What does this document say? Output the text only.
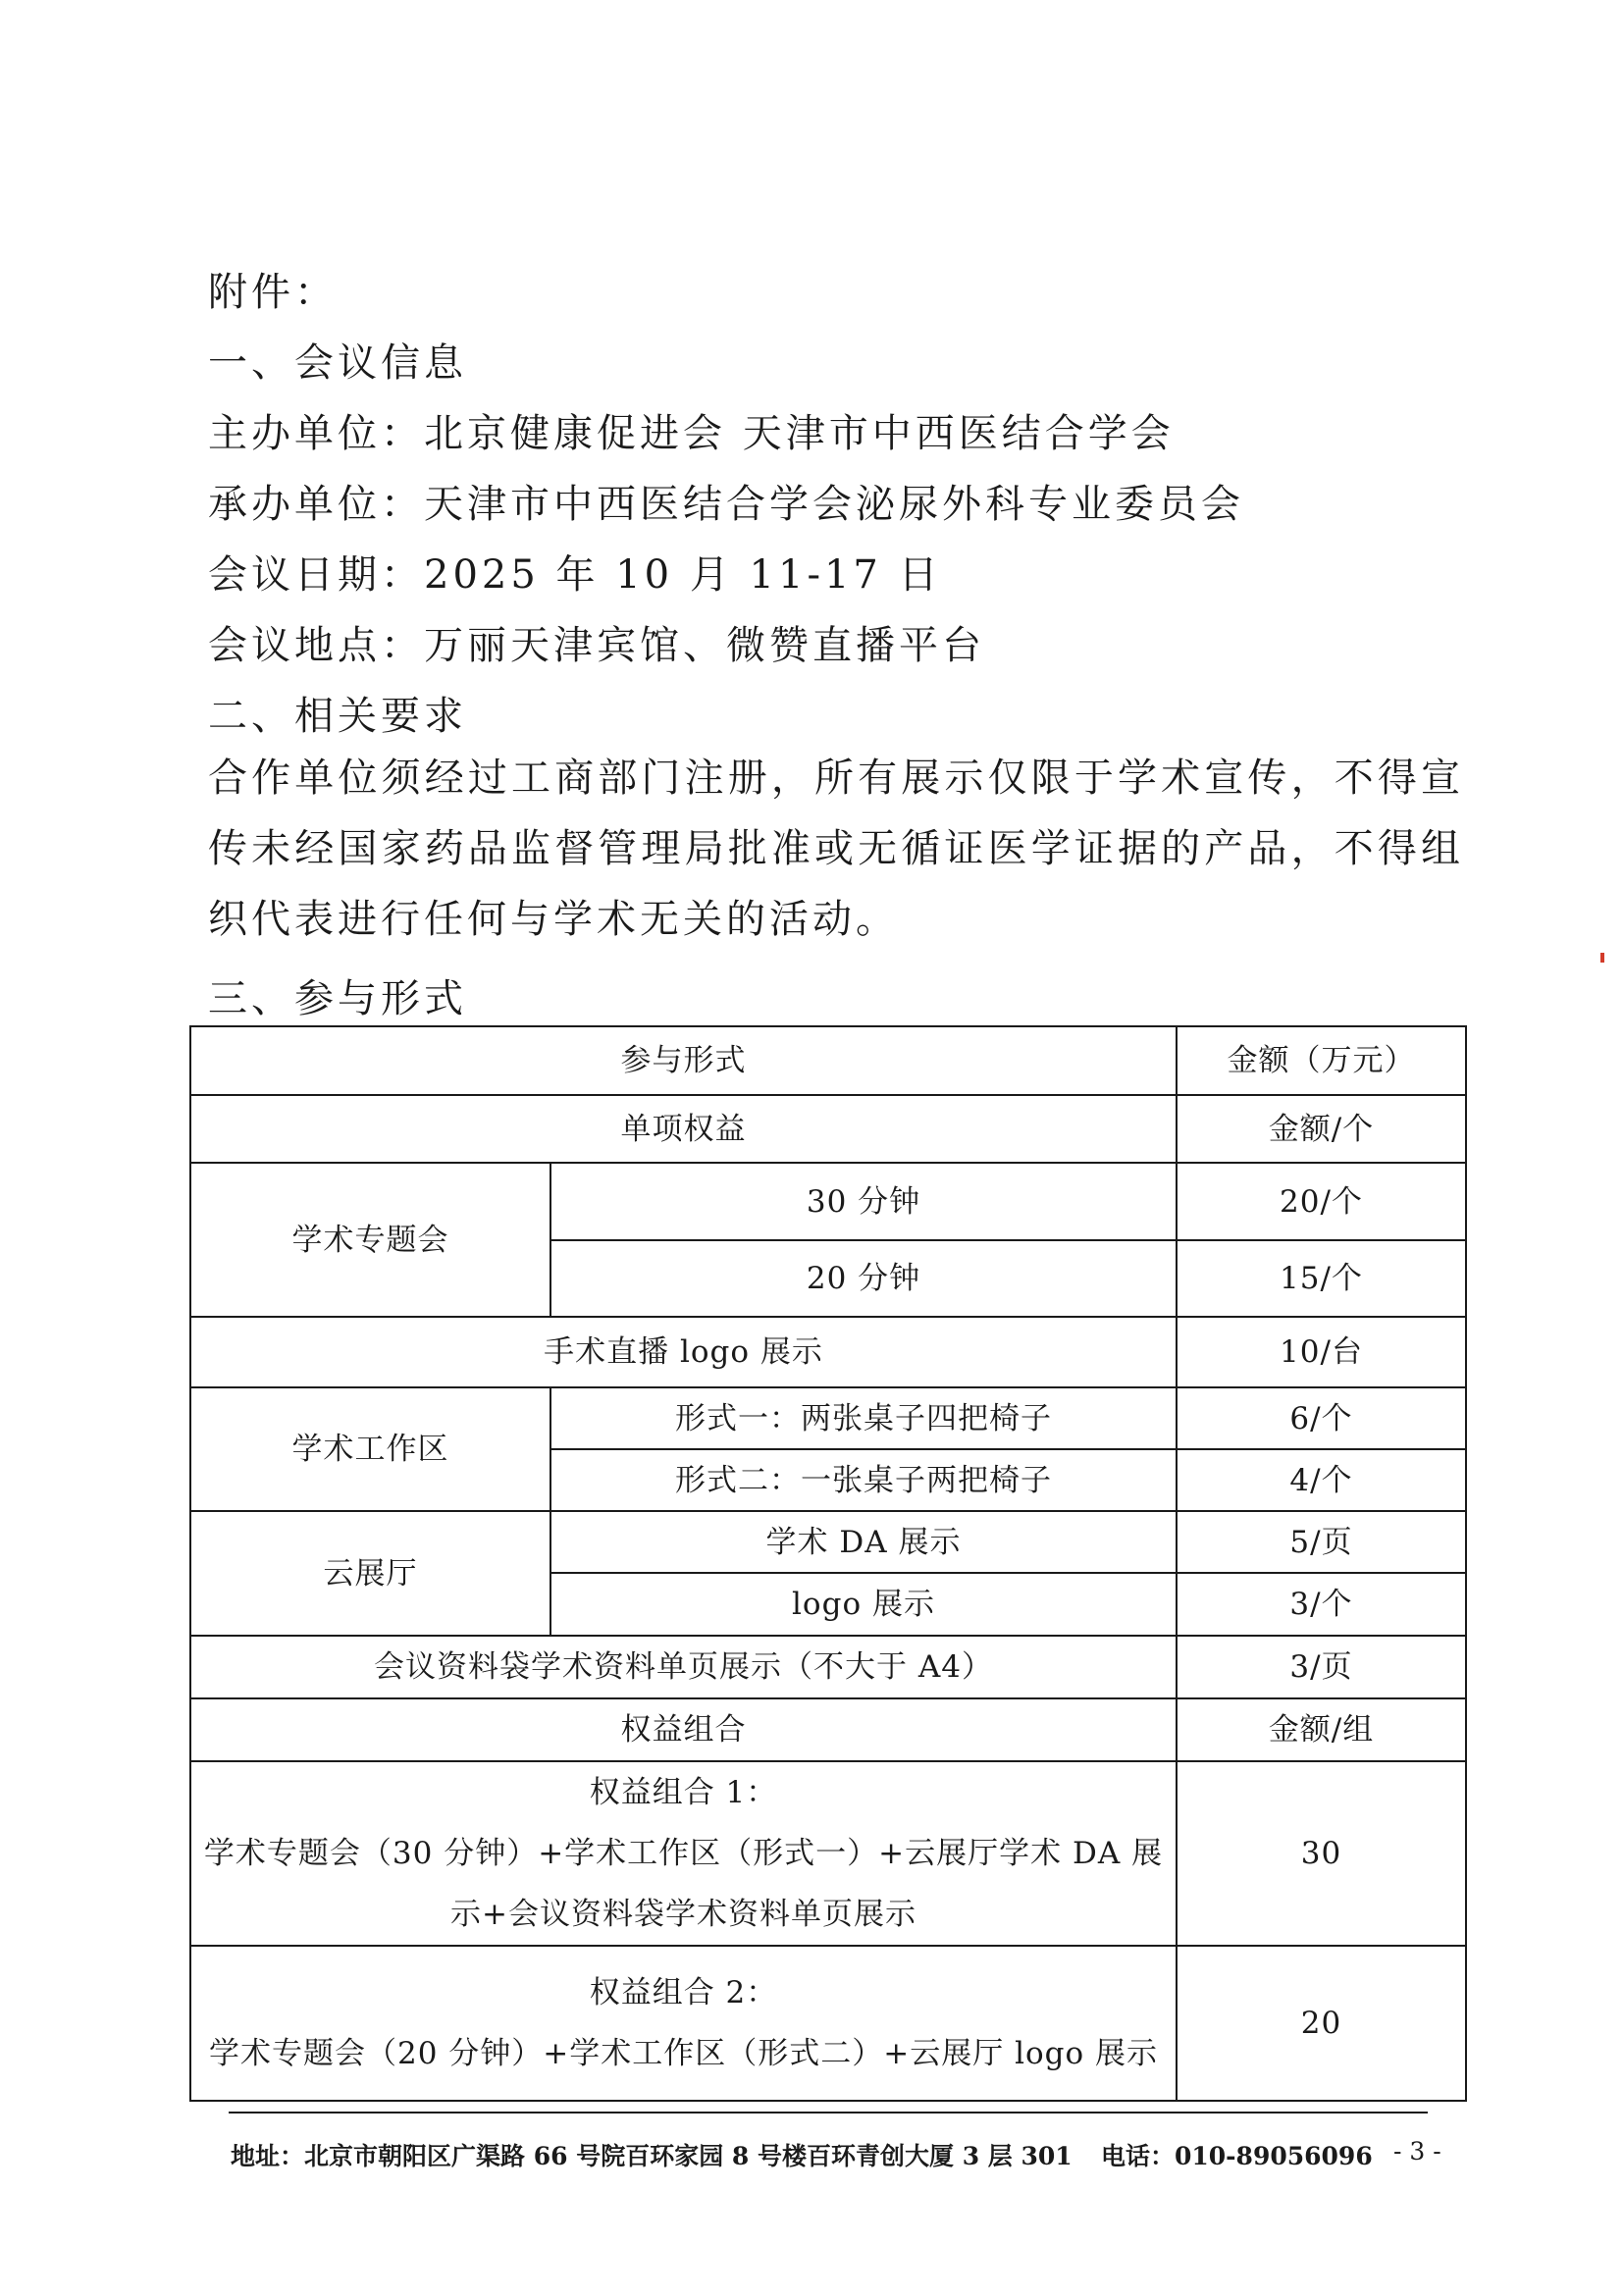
附件：
一、会议信息
主办单位：北京健康促进会 天津市中西医结合学会
承办单位：天津市中西医结合学会泌尿外科专业委员会
会议日期：2025 年 10 月 11-17 日
会议地点：万丽天津宾馆、微赞直播平台
二、相关要求
合作单位须经过工商部门注册，所有展示仅限于学术宣传，不得宣传未经国家药品监督管理局批准或无循证医学证据的产品，不得组织代表进行任何与学术无关的活动。
三、参与形式
参与形式		金额（万元）
单项权益		金额/个
学术专题会	30 分钟	20/个
	20 分钟	15/个
手术直播 logo 展示		10/台
学术工作区	形式一：两张桌子四把椅子	6/个
	形式二：一张桌子两把椅子	4/个
云展厅	学术 DA 展示	5/页
	logo 展示	3/个
会议资料袋学术资料单页展示（不大于 A4）		3/页
权益组合		金额/组

权益组合 1：
学术专题会（30 分钟）+学术工作区（形式一）+云展厅学术 DA 展
示+会议资料袋学术资料单页展示		30

权益组合 2：
学术专题会（20 分钟）+学术工作区（形式二）+云展厅 logo 展示		20
地址：北京市朝阳区广渠路 66 号院百环家园 8 号楼百环青创大厦 3 层 301 电话：010-89056096 - 3 -
